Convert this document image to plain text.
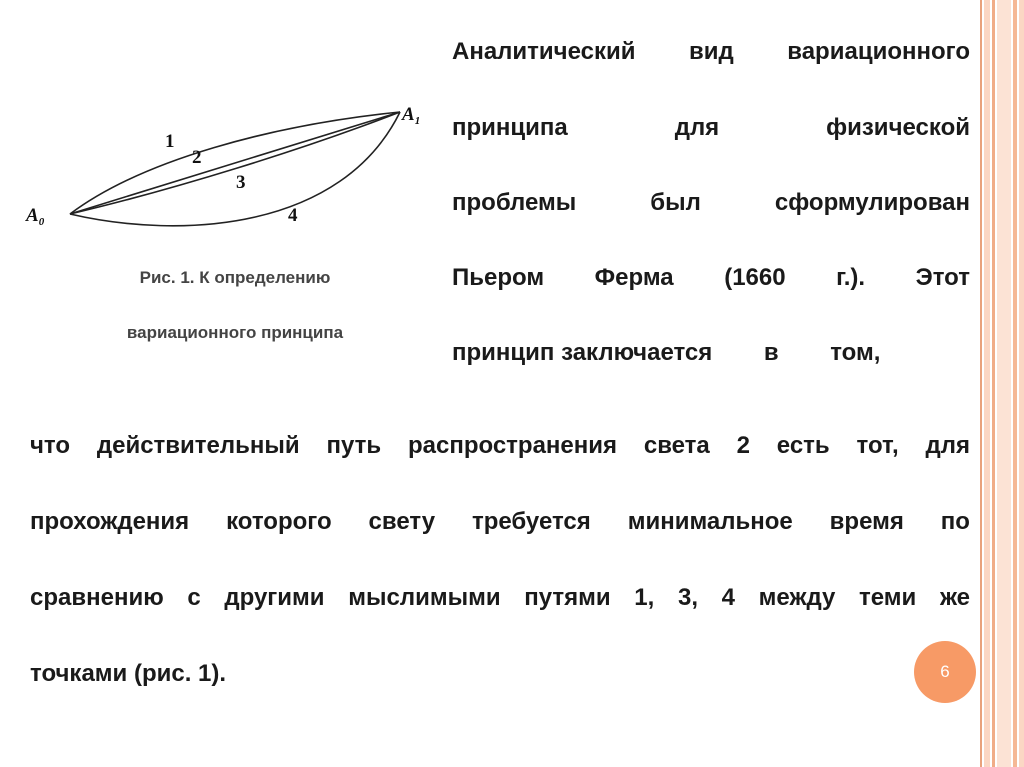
$A_0$
$A_1$
1
2
3
4
Рис. 1. К определению
вариационного принципа
Аналитический вид вариационного
принципа	для	физической
проблемы	был	сформулирован
Пьером Ферма (1660 г.). Этот
принцип заключается в том,
что действительный путь распространения света 2 есть тот, для
прохождения которого свету требуется минимальное время по
сравнению с другими мыслимыми путями 1, 3, 4 между теми же
точками (рис. 1).	6
